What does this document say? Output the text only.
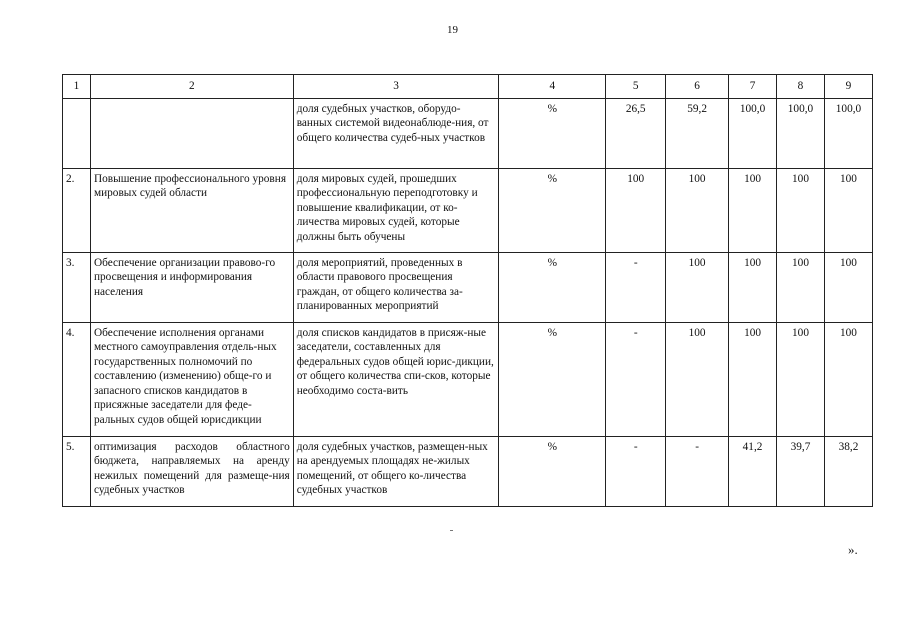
19
1	2	3	4	5	6	7	8	9
		доля судебных участков, оборудо-ванных системой видеонаблюде-ния, от общего количества судеб-ных участков	%	26,5	59,2	100,0	100,0	100,0
2.	Повышение профессионального уровня мировых судей области	доля мировых судей, прошедших профессиональную переподготовку и повышение квалификации, от ко-личества мировых судей, которые должны быть обучены	%	100	100	100	100	100
3.	Обеспечение организации правово-го просвещения и информирования населения	доля мероприятий, проведенных в области правового просвещения граждан, от общего количества за-планированных мероприятий	%	-	100	100	100	100
4.	Обеспечение исполнения органами местного самоуправления отдель-ных государственных полномочий по составлению (изменению) обще-го и запасного списков кандидатов в присяжные заседатели для феде-ральных судов общей юрисдикции	доля списков кандидатов в присяж-ные заседатели, составленных для федеральных судов общей юрис-дикции, от общего количества спи-сков, которые необходимо соста-вить	%	-	100	100	100	100
5.	оптимизация расходов областного бюджета, направляемых на аренду нежилых помещений для размеще-ния судебных участков	доля судебных участков, размещен-ных на арендуемых площадях не-жилых помещений, от общего ко-личества судебных участков	%	-	-	41,2	39,7	38,2
».
